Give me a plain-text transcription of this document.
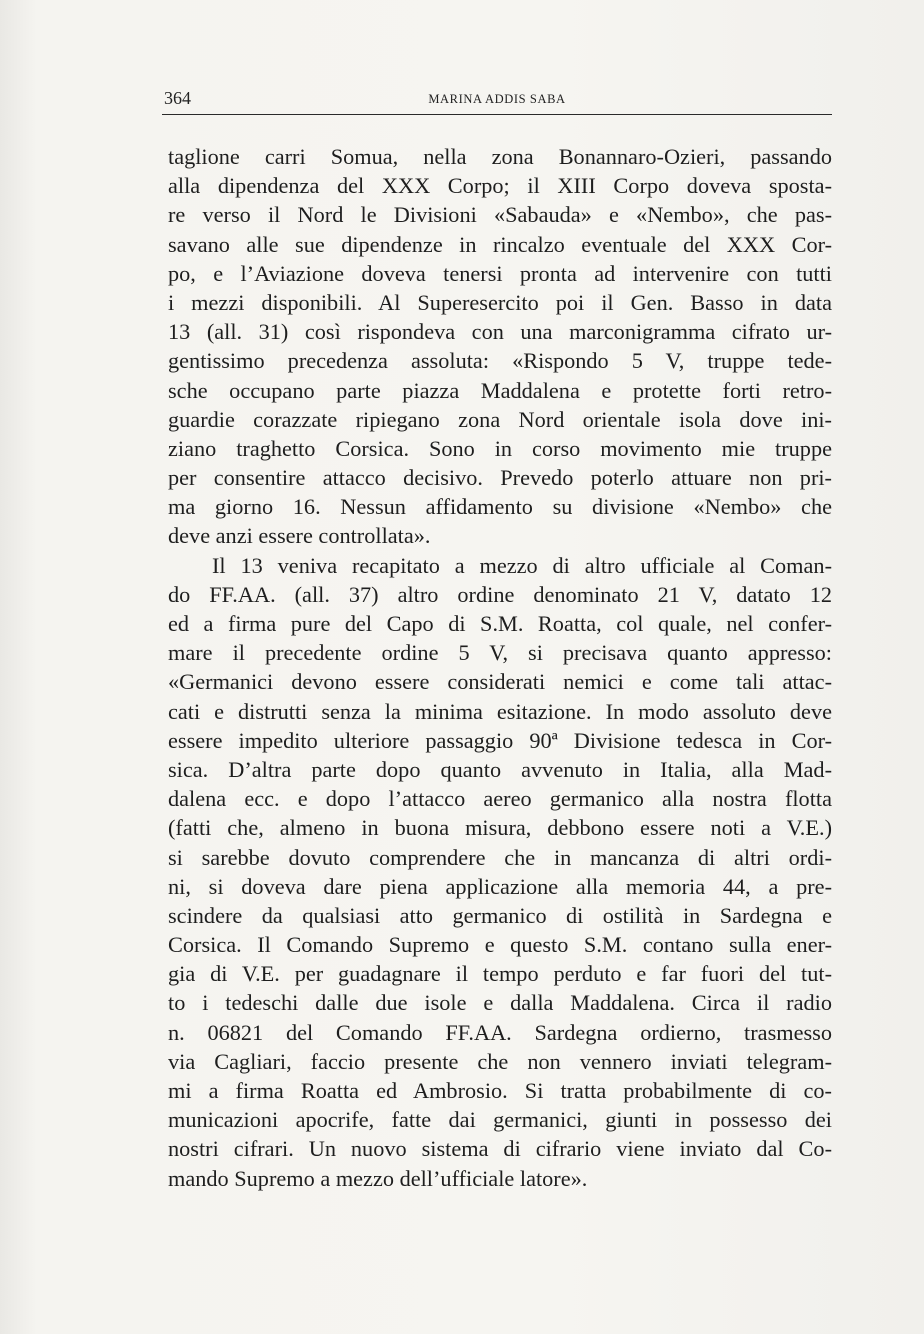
364	MARINA ADDIS SABA
taglione carri Somua, nella zona Bonannaro-Ozieri, passando
alla dipendenza del XXX Corpo; il XIII Corpo doveva sposta-
re verso il Nord le Divisioni «Sabauda» e «Nembo», che pas-
savano alle sue dipendenze in rincalzo eventuale del XXX Cor-
po, e l’Aviazione doveva tenersi pronta ad intervenire con tutti
i mezzi disponibili. Al Superesercito poi il Gen. Basso in data
13 (all. 31) così rispondeva con una marconigramma cifrato ur-
gentissimo precedenza assoluta: «Rispondo 5 V, truppe tede-
sche occupano parte piazza Maddalena e protette forti retro-
guardie corazzate ripiegano zona Nord orientale isola dove ini-
ziano traghetto Corsica. Sono in corso movimento mie truppe
per consentire attacco decisivo. Prevedo poterlo attuare non pri-
ma giorno 16. Nessun affidamento su divisione «Nembo» che
deve anzi essere controllata».
Il 13 veniva recapitato a mezzo di altro ufficiale al Coman-
do FF.AA. (all. 37) altro ordine denominato 21 V, datato 12
ed a firma pure del Capo di S.M. Roatta, col quale, nel confer-
mare il precedente ordine 5 V, si precisava quanto appresso:
«Germanici devono essere considerati nemici e come tali attac-
cati e distrutti senza la minima esitazione. In modo assoluto deve
essere impedito ulteriore passaggio 90ª Divisione tedesca in Cor-
sica. D’altra parte dopo quanto avvenuto in Italia, alla Mad-
dalena ecc. e dopo l’attacco aereo germanico alla nostra flotta
(fatti che, almeno in buona misura, debbono essere noti a V.E.)
si sarebbe dovuto comprendere che in mancanza di altri ordi-
ni, si doveva dare piena applicazione alla memoria 44, a pre-
scindere da qualsiasi atto germanico di ostilità in Sardegna e
Corsica. Il Comando Supremo e questo S.M. contano sulla ener-
gia di V.E. per guadagnare il tempo perduto e far fuori del tut-
to i tedeschi dalle due isole e dalla Maddalena. Circa il radio
n. 06821 del Comando FF.AA. Sardegna ordierno, trasmesso
via Cagliari, faccio presente che non vennero inviati telegram-
mi a firma Roatta ed Ambrosio. Si tratta probabilmente di co-
municazioni apocrife, fatte dai germanici, giunti in possesso dei
nostri cifrari. Un nuovo sistema di cifrario viene inviato dal Co-
mando Supremo a mezzo dell’ufficiale latore».
